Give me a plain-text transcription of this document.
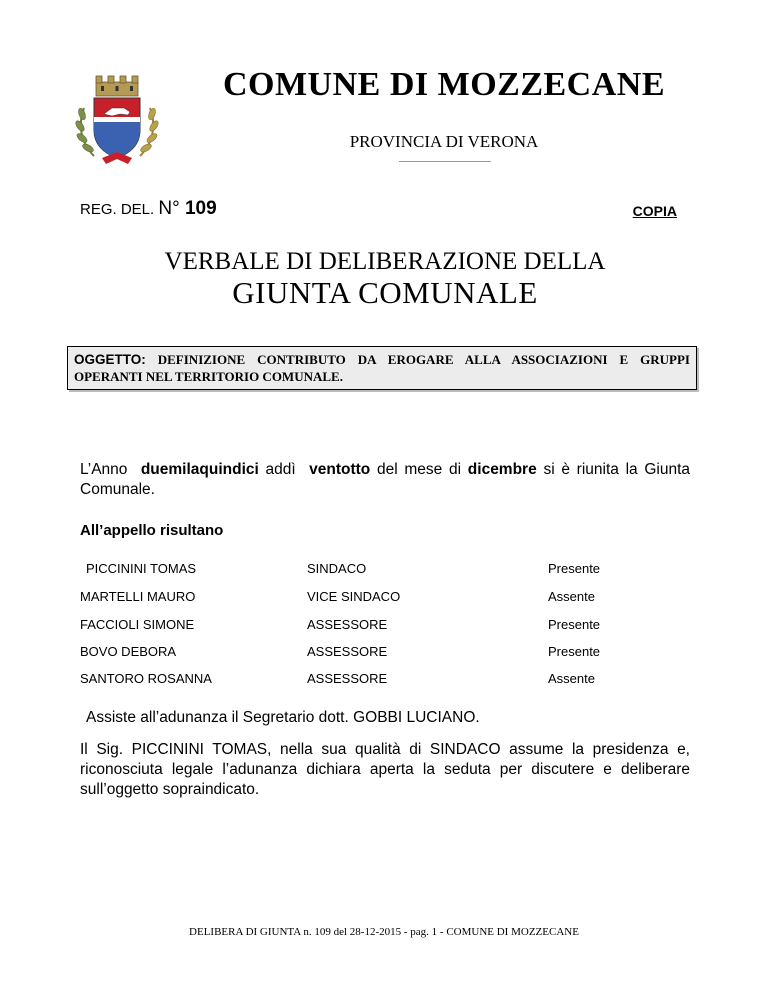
COMUNE DI MOZZECANE
PROVINCIA DI VERONA
REG. DEL. N° 109	COPIA
VERBALE DI DELIBERAZIONE DELLA
GIUNTA COMUNALE
OGGETTO: DEFINIZIONE CONTRIBUTO DA EROGARE ALLA ASSOCIAZIONI E GRUPPI OPERANTI NEL TERRITORIO COMUNALE.
L’Anno duemilaquindici addì ventotto del mese di dicembre si è riunita la Giunta Comunale.
All’appello risultano
PICCININI TOMAS	SINDACO	Presente
MARTELLI MAURO	VICE SINDACO	Assente
FACCIOLI SIMONE	ASSESSORE	Presente
BOVO DEBORA	ASSESSORE	Presente
SANTORO ROSANNA	ASSESSORE	Assente
Assiste all’adunanza il Segretario dott. GOBBI LUCIANO.
Il Sig. PICCININI TOMAS, nella sua qualità di SINDACO assume la presidenza e, riconosciuta legale l’adunanza dichiara aperta la seduta per discutere e deliberare sull’oggetto sopraindicato.
DELIBERA DI GIUNTA n. 109 del 28-12-2015 - pag. 1 - COMUNE DI MOZZECANE
